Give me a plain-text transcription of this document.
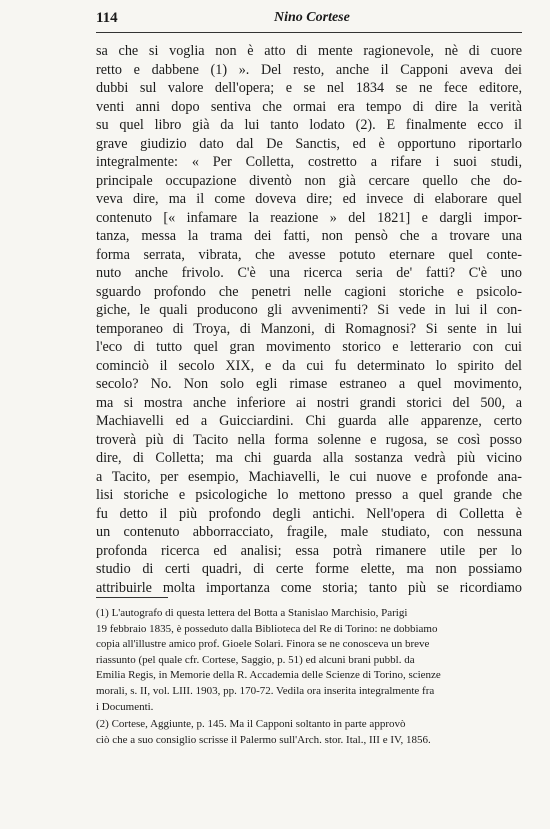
114	Nino Cortese

sa che si voglia non è atto di mente ragionevole, nè di cuore
retto e dabbene (1) ». Del resto, anche il Capponi aveva dei
dubbi sul valore dell'opera; e se nel 1834 se ne fece editore,
venti anni dopo sentiva che ormai era tempo di dire la verità
su quel libro già da lui tanto lodato (2). E finalmente ecco il
grave giudizio dato dal De Sanctis, ed è opportuno riportarlo
integralmente: « Per Colletta, costretto a rifare i suoi studi,
principale occupazione diventò non già cercare quello che do-
veva dire, ma il come doveva dire; ed invece di elaborare quel
contenuto [« infamare la reazione » del 1821] e dargli impor-
tanza, messa la trama dei fatti, non pensò che a trovare una
forma serrata, vibrata, che avesse potuto eternare quel conte-
nuto anche frivolo. C'è una ricerca seria de' fatti? C'è uno
sguardo profondo che penetri nelle cagioni storiche e psicolo-
giche, le quali producono gli avvenimenti? Si vede in lui il con-
temporaneo di Troya, di Manzoni, di Romagnosi? Si sente in lui
l'eco di tutto quel gran movimento storico e letterario con cui
cominciò il secolo XIX, e da cui fu determinato lo spirito del
secolo? No. Non solo egli rimase estraneo a quel movimento,
ma si mostra anche inferiore ai nostri grandi storici del 500, a
Machiavelli ed a Guicciardini. Chi guarda alle apparenze, certo
troverà più di Tacito nella forma solenne e rugosa, se così posso
dire, di Colletta; ma chi guarda alla sostanza vedrà più vicino
a Tacito, per esempio, Machiavelli, le cui nuove e profonde ana-
lisi storiche e psicologiche lo mettono presso a quel grande che
fu detto il più profondo degli antichi. Nell'opera di Colletta è
un contenuto abborracciato, fragile, male studiato, con nessuna
profonda ricerca ed analisi; essa potrà rimanere utile per lo
studio di certi quadri, di certe forme elette, ma non possiamo
attribuirle molta importanza come storia; tanto più se ricordiamo

(1) L'autografo di questa lettera del Botta a Stanislao Marchisio, Parigi
19 febbraio 1835, è posseduto dalla Biblioteca del Re di Torino: ne dobbiamo
copia all'illustre amico prof. Gioele Solari. Finora se ne conosceva un breve
riassunto (pel quale cfr. Cortese, Saggio, p. 51) ed alcuni brani pubbl. da
Emilia Regis, in Memorie della R. Accademia delle Scienze di Torino, scienze
morali, s. II, vol. LIII. 1903, pp. 170-72. Vedila ora inserita integralmente fra
i Documenti.

(2) Cortese, Aggiunte, p. 145. Ma il Capponi soltanto in parte approvò
ciò che a suo consiglio scrisse il Palermo sull'Arch. stor. Ital., III e IV, 1856.
